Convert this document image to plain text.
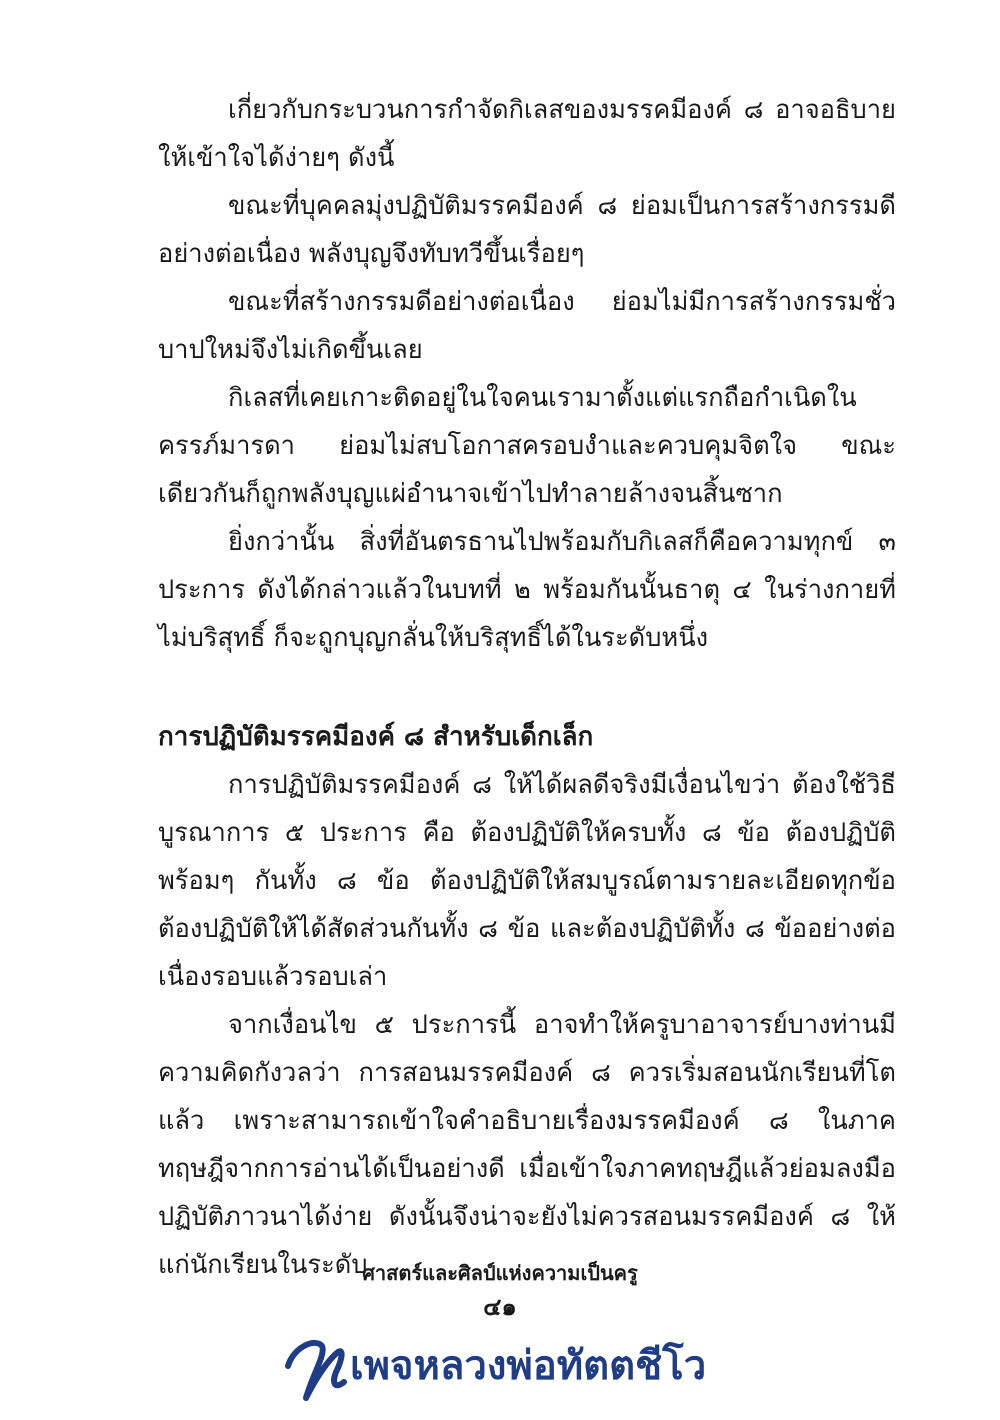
เกี่ยวกับกระบวนการกำจัดกิเลสของมรรคมีองค์ ๘ อาจอธิบายให้เข้าใจได้ง่ายๆ ดังนี้

ขณะที่บุคคลมุ่งปฏิบัติมรรคมีองค์ ๘ ย่อมเป็นการสร้างกรรมดีอย่างต่อเนื่อง พลังบุญจึงทับทวีขึ้นเรื่อยๆ

ขณะที่สร้างกรรมดีอย่างต่อเนื่อง ย่อมไม่มีการสร้างกรรมชั่วบาปใหม่จึงไม่เกิดขึ้นเลย

กิเลสที่เคยเกาะติดอยู่ในใจคนเรามาตั้งแต่แรกถือกำเนิดในครรภ์มารดา ย่อมไม่สบโอกาสครอบงำและควบคุมจิตใจ ขณะเดียวกันก็ถูกพลังบุญแผ่อำนาจเข้าไปทำลายล้างจนสิ้นซาก

ยิ่งกว่านั้น สิ่งที่อันตรธานไปพร้อมกับกิเลสก็คือความทุกข์ ๓ ประการ ดังได้กล่าวแล้วในบทที่ ๒ พร้อมกันนั้นธาตุ ๔ ในร่างกายที่ไม่บริสุทธิ์ ก็จะถูกบุญกลั่นให้บริสุทธิ์ได้ในระดับหนึ่ง

การปฏิบัติมรรคมีองค์ ๘ สำหรับเด็กเล็ก

การปฏิบัติมรรคมีองค์ ๘ ให้ได้ผลดีจริงมีเงื่อนไขว่า ต้องใช้วิธีบูรณาการ ๕ ประการ คือ ต้องปฏิบัติให้ครบทั้ง ๘ ข้อ ต้องปฏิบัติพร้อมๆ กันทั้ง ๘ ข้อ ต้องปฏิบัติให้สมบูรณ์ตามรายละเอียดทุกข้อ ต้องปฏิบัติให้ได้สัดส่วนกันทั้ง ๘ ข้อ และต้องปฏิบัติทั้ง ๘ ข้ออย่างต่อเนื่องรอบแล้วรอบเล่า

จากเงื่อนไข ๕ ประการนี้ อาจทำให้ครูบาอาจารย์บางท่านมีความคิดกังวลว่า การสอนมรรคมีองค์ ๘ ควรเริ่มสอนนักเรียนที่โตแล้ว เพราะสามารถเข้าใจคำอธิบายเรื่องมรรคมีองค์ ๘ ในภาคทฤษฎีจากการอ่านได้เป็นอย่างดี เมื่อเข้าใจภาคทฤษฎีแล้วย่อมลงมือปฏิบัติภาวนาได้ง่าย ดังนั้นจึงน่าจะยังไม่ควรสอนมรรคมีองค์ ๘ ให้แก่นักเรียนในระดับ

ศาสตร์และศิลป์แห่งความเป็นครู
๔๑
เพจหลวงพ่อทัตตชีโว
